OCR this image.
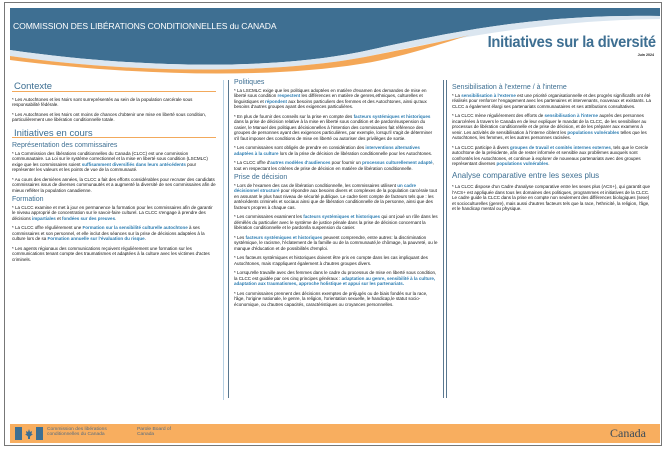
COMMISSION DES LIBÉRATIONS CONDITIONNELLES du CANADA
Initiatives sur la diversité
Juin 2024
Contexte

* Les Autochtones et les Noirs sont surreprésentés au sein de la population carcérale sous responsabilité fédérale.

* Les Autochtones et les Noirs ont moins de chances d'obtenir une mise en liberté sous condition, particulièrement une libération conditionnelle totale.

Initiatives en cours
Représentation des commissaires

* La Commission des libérations conditionnelles du Canada (CLCC) est une commission communautaire. La Loi sur le système correctionnel et la mise en liberté sous condition (LSCMLC) exige que les commissaires soient suffisamment diversifiés dans leurs antécédents pour représenter les valeurs et les points de vue de la communauté.

* Au cours des dernières années, la CLCC a fait des efforts considérables pour recruter des candidats commissaires issus de diverses communautés et a augmenté la diversité de ses commissaires afin de mieux refléter la population canadienne.

Formation

* La CLCC examine et met à jour en permanence la formation pour les commissaires afin de garantir le niveau approprié de concentration sur le savoir-faire culturel. La CLCC s'engage à prendre des décisions impartiales et fondées sur des preuves.

* La CLCC offre régulièrement une Formation sur la sensibilité culturelle autochtone à ses commissaires et son personnel, et elle inclut des séances sur la prise de décisions adaptées à la culture lors de sa Formation annuelle sur l'évaluation du risque.

* Les agents régionaux des communications reçoivent régulièrement une formation sur les communications tenant compte des traumatismes et adaptées à la culture avec les victimes d'actes criminels.

Politiques

* La LSCMLC exige que les politiques adoptées en matière d'examen des demandes de mise en liberté sous condition respectent les différences en matière de genres,ethniques, culturelles et linguistiques et répondent aux besoins particuliers des femmes et des Autochtones, ainsi qu'aux besoins d'autres groupes ayant des exigences particulières.

* En plus de fournir des conseils sur la prise en compte des facteurs systémiques et historiques dans la prise de décision relative à la mise en liberté sous condition et de pardon/suspension du casier, le Manuel des politiques décisionnelles à l'intention des commissaires fait référence des groupes de personnes ayant des exigences particulières, par exemple, lorsqu'il s'agit de déterminer s'il faut imposer des conditions de mise en liberté ou autoriser des privilèges de sortie.

* Les commissaires sont obligés de prendre en considération des interventions alternatives adaptées à la culture lors de la prise de décision de libération conditionnelle pour les Autochtones.

* La CLCC offre d'autres modèles d'audiences pour fournir un processus culturellement adapté, tout en respectant les critères de prise de décision en matière de libération conditionnelle.

Prise de décision

* Lors de l'examen des cas de libération conditionnelle, les commissaires utilisent un cadre décisionnel structuré pour répondre aux besoins divers et complexes de la population carcérale tout en assurant le plus haut niveau de sécurité publique. Le cadre tient compte de facteurs tels que : les antécédents criminels et sociaux ainsi que de libération conditionnelle de la personne, ainsi que des facteurs propres à chaque cas.

* Les commissaires examinent les facteurs systémiques et historiques qui ont joué un rôle dans les démêlés du particulier avec le système de justice pénale dans la prise de décision concernant la libération conditionnelle et le pardon/la suspension du casier.

* Les facteurs systémiques et historiques peuvent comprendre, entre autres: la discrimination systémique, le racisme, l'éclatement de la famille ou de la communauté,le chômage, la pauvreté, ou le manque d'éducation et de possibilités d'emploi.

* Les facteurs systémiques et historiques doivent être pris en compte dans les cas impliquant des Autochtones, mais s'appliquent également à d'autres groupes divers.

* Lorsqu'elle travaille avec des femmes dans le cadre du processus de mise en liberté sous condition, la CLCC est guidée par ces cinq principes généraux : adaptation au genre, sensibilité à la culture, adaptation aux traumatismes, approche holistique et appui sur les partenariats.

* Les commissaires prennent des décisions exemptes de préjugés ou de biais fondés sur la race, l'âge, l'origine nationale, le genre, la religion, l'orientation sexuelle, le handicap,le statut socio-économique, ou d'autres capacités, caractéristiques ou croyances personnelles.

Sensibilisation à l'externe / à l'interne

* La sensibilisation à l'externe est une priorité organisationnelle et des progrès significatifs ont été réalisés pour renforcer l'engagement avec les partenaires et intervenants, nouveaux et existants. La CLCC a également élargi ses partenariats communautaires et ses attributions consultatives.

* La CLCC mène régulièrement des efforts de sensibilisation à l'interne auprès des personnes incarcérées à travers le Canada en de leur expliquer le mandat de la CLCC, de les sensibiliser au processus de libération conditionnelle et de prise de décision, et de les préparer aux examens à venir. Les activités de sensibilisation à l'interne ciblent les populations vulnérables telles que les Autochtones, les femmes, et les autres personnes racisées.

* La CLCC participe à divers groupes de travail et comités internes externes, tels que le Cercle autochtone de la présidente, afin de rester informée et sensible aux problèmes auxquels sont confrontés les Autochtones, et continue à explorer de nouveaux partenariats avec des groupes représentant diverses populations vulnérables.

Analyse comparative entre les sexes plus

* La CLCC dispose d'un Cadre d'analyse comparative entre les sexes plus (ACS+), qui garantit que l'ACS+ est appliquée dans tous les domaines des politiques, programmes et initiatives de la CLCC. Le cadre guide la CLCC dans la prise en compte non seulement des différences biologiques (sexe) et socioculturelles (genre), mais aussi d'autres facteurs tels que la race, l'ethnicité, la religion, l'âge, et le handicap mental ou physique.

Commission des libérations conditionnelles du Canada
Parole Board of Canada	Canada
